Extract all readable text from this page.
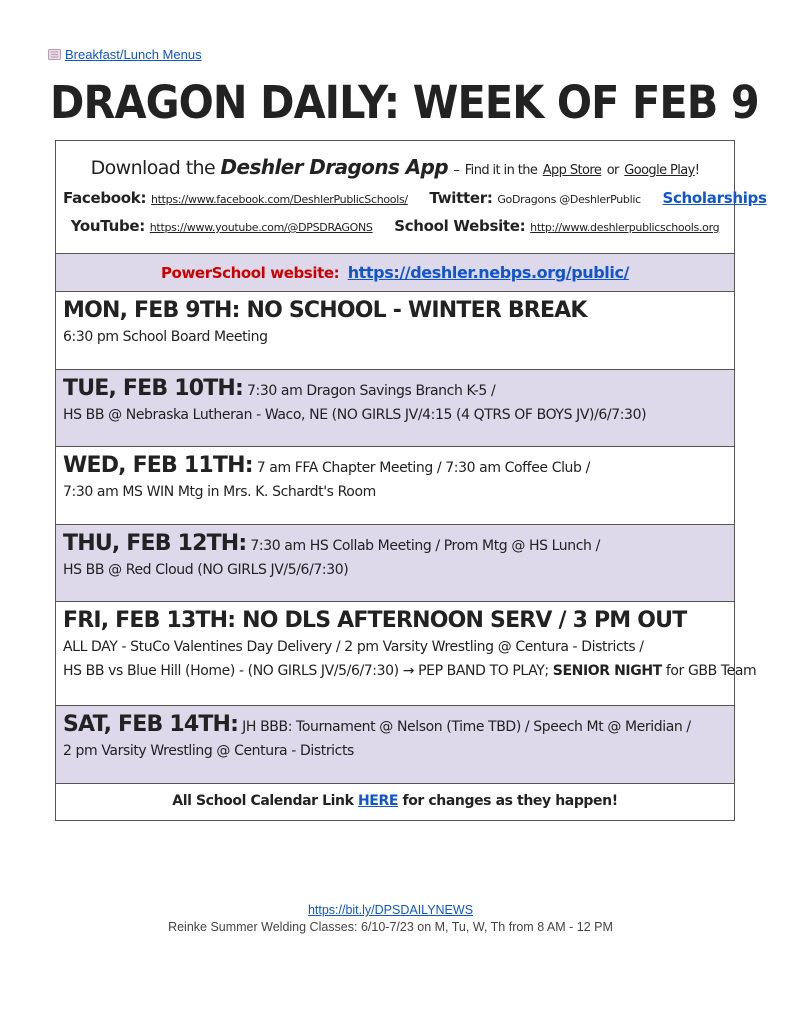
Breakfast/Lunch Menus
DRAGON DAILY: WEEK OF FEB 9
Download the Deshler Dragons App – Find it in the App Store or Google Play!
Facebook: https://www.facebook.com/DeshlerPublicSchools/ Twitter: GoDragons @DeshlerPublic Scholarships
YouTube: https://www.youtube.com/@DPSDRAGONS School Website: http://www.deshlerpublicschools.org
PowerSchool website: https://deshler.nebps.org/public/
MON, FEB 9TH: NO SCHOOL - WINTER BREAK
6:30 pm School Board Meeting
TUE, FEB 10TH: 7:30 am Dragon Savings Branch K-5 /
HS BB @ Nebraska Lutheran - Waco, NE (NO GIRLS JV/4:15 (4 QTRS OF BOYS JV)/6/7:30)
WED, FEB 11TH: 7 am FFA Chapter Meeting / 7:30 am Coffee Club /
7:30 am MS WIN Mtg in Mrs. K. Schardt's Room
THU, FEB 12TH: 7:30 am HS Collab Meeting / Prom Mtg @ HS Lunch /
HS BB @ Red Cloud (NO GIRLS JV/5/6/7:30)
FRI, FEB 13TH: NO DLS AFTERNOON SERV / 3 PM OUT
ALL DAY - StuCo Valentines Day Delivery / 2 pm Varsity Wrestling @ Centura - Districts /
HS BB vs Blue Hill (Home) - (NO GIRLS JV/5/6/7:30) → PEP BAND TO PLAY; SENIOR NIGHT for GBB Team
SAT, FEB 14TH: JH BBB: Tournament @ Nelson (Time TBD) / Speech Mt @ Meridian /
2 pm Varsity Wrestling @ Centura - Districts
All School Calendar Link HERE for changes as they happen!
https://bit.ly/DPSDAILYNEWS
Reinke Summer Welding Classes: 6/10-7/23 on M, Tu, W, Th from 8 AM - 12 PM
